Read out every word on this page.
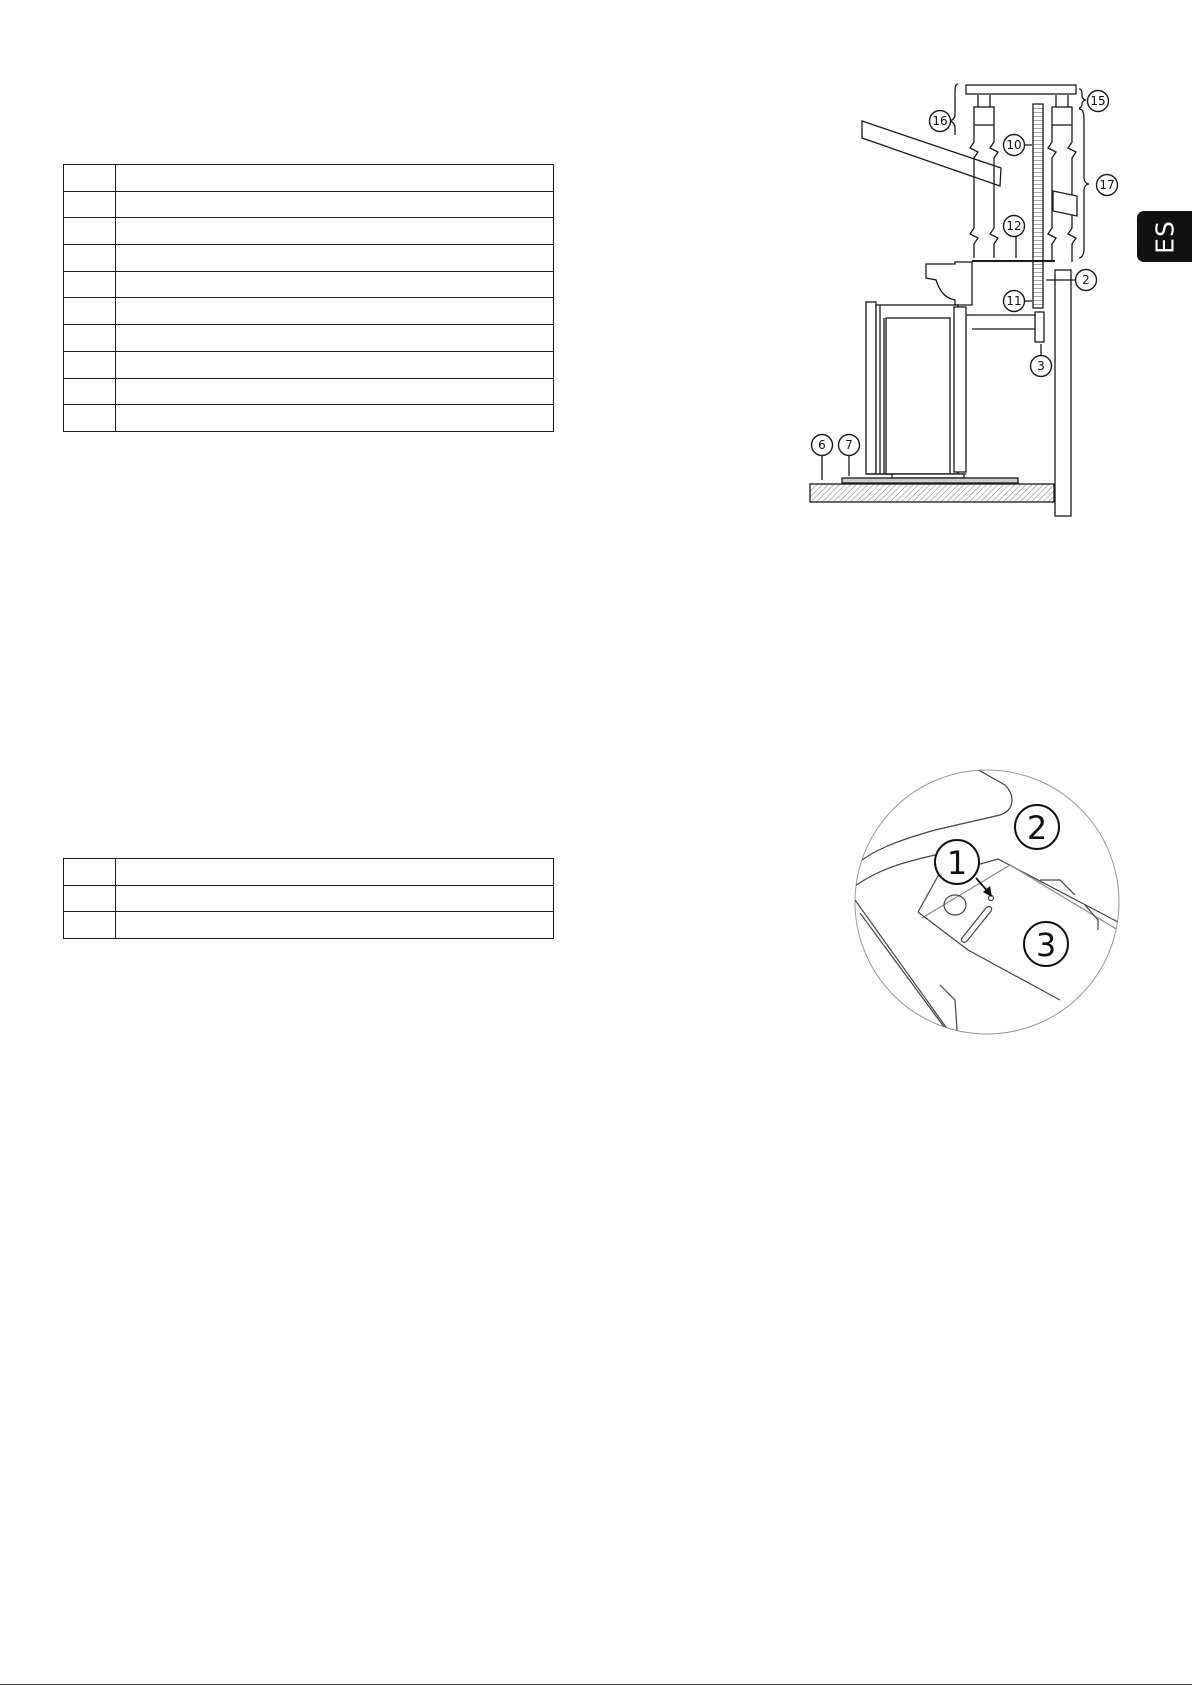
ES
16
10
12
2
11
3
15
17
6 7
1
2
3
